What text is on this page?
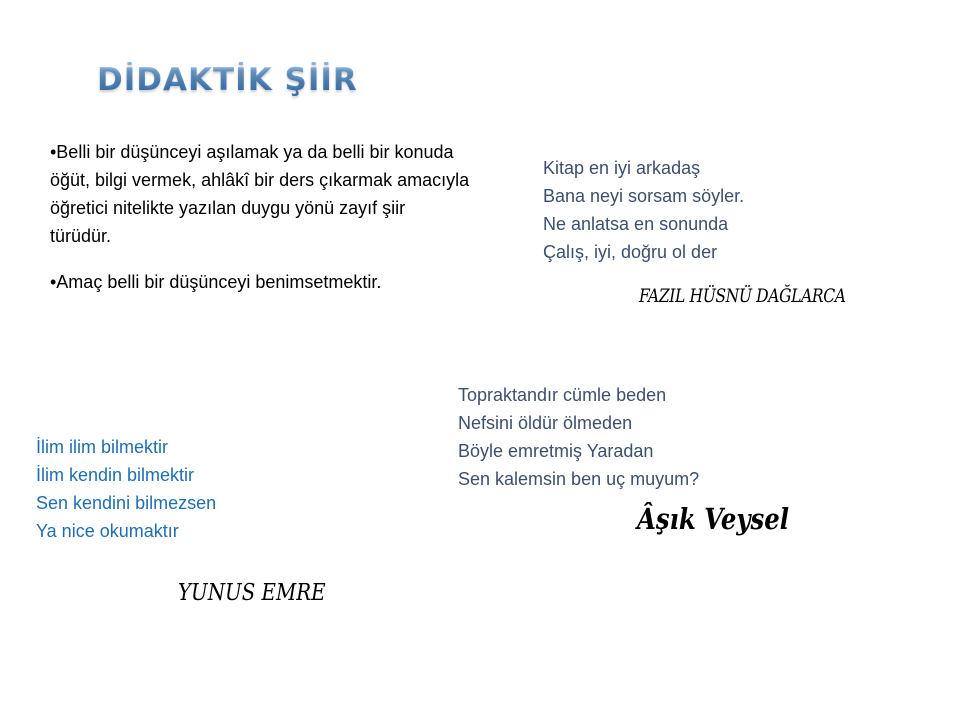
DİDAKTİK ŞİİR
•Belli bir düşünceyi aşılamak ya da belli bir konuda öğüt, bilgi vermek, ahlâkî bir ders çıkarmak amacıyla öğretici nitelikte yazılan duygu yönü zayıf şiir türüdür.
•Amaç belli bir düşünceyi benimsetmektir.
Kitap en iyi arkadaş
Bana neyi sorsam söyler.
Ne anlatsa en sonunda
Çalış, iyi, doğru ol der
FAZIL HÜSNÜ DAĞLARCA
Topraktandır cümle beden
Nefsini öldür ölmeden
Böyle emretmiş Yaradan
Sen kalemsin ben uç muyum?
Âşık Veysel
İlim ilim bilmektir
İlim kendin bilmektir
Sen kendini bilmezsen
Ya nice okumaktır
YUNUS EMRE
